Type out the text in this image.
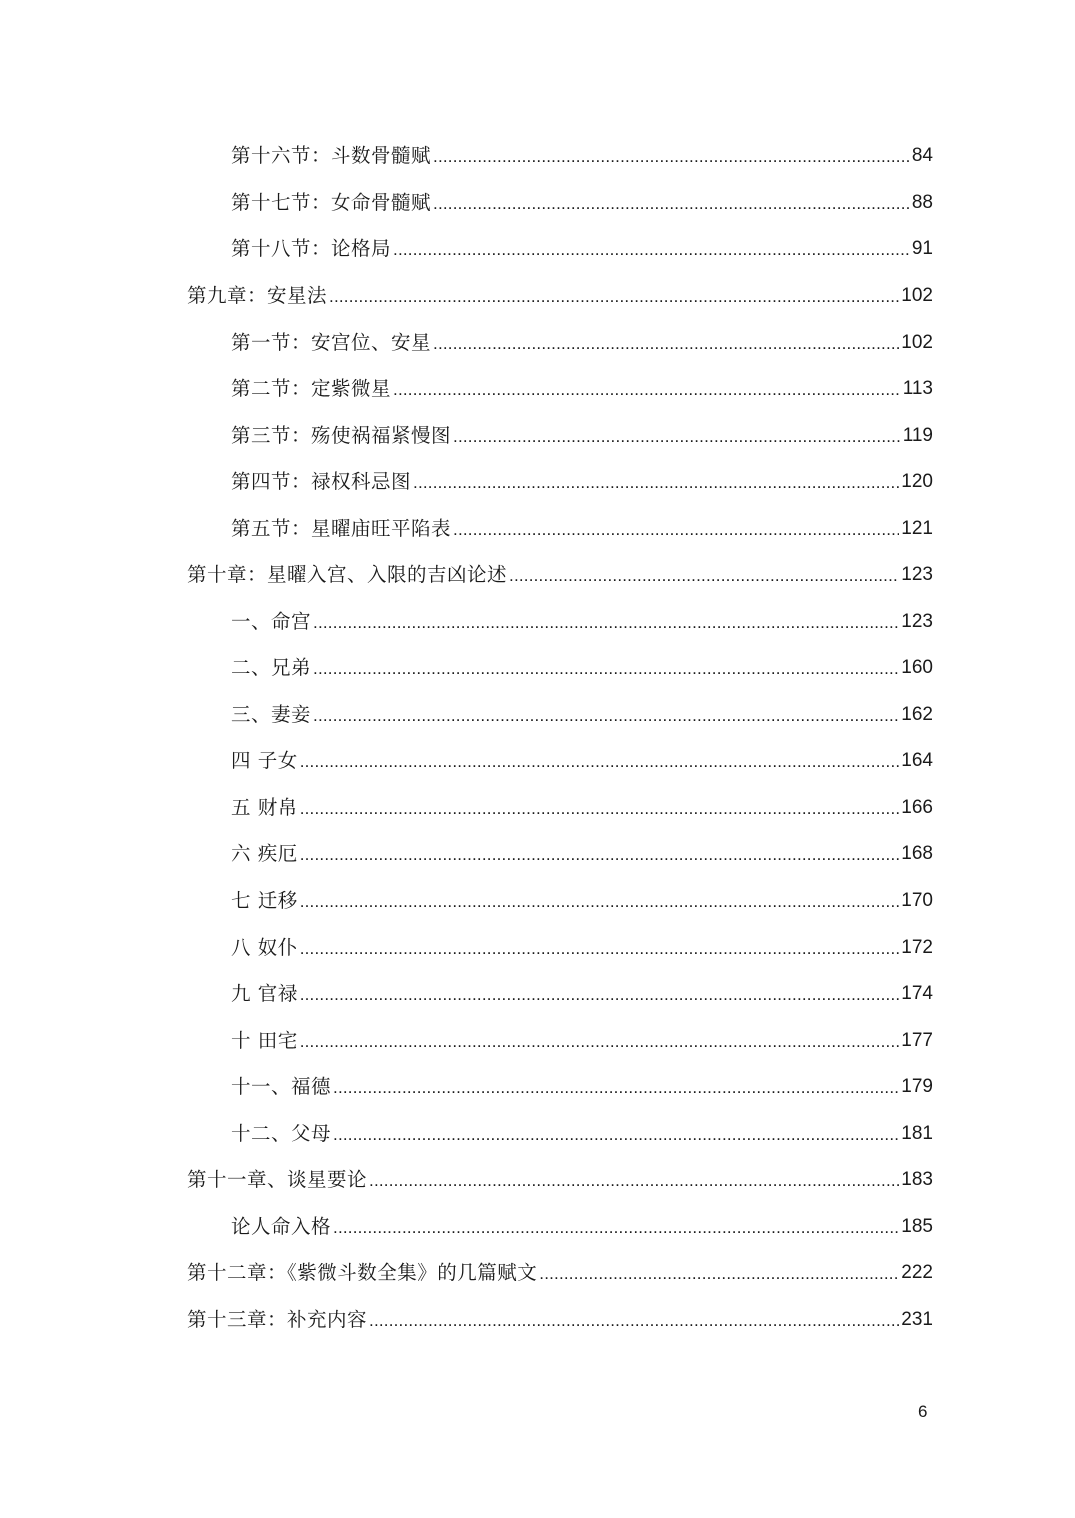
第十六节：斗数骨髓赋 .....	84
第十七节：女命骨髓赋 .....	88
第十八节：论格局 .....	91
第九章：安星法 .....	102
第一节：安宫位、安星 .....	102
第二节：定紫微星 .....	113
第三节：殇使祸福紧慢图 .....	119
第四节：禄权科忌图 .....	120
第五节：星曜庙旺平陷表 .....	121
第十章：星曜入宫、入限的吉凶论述 .....	123
一、命宫 .....	123
二、兄弟 .....	160
三、妻妾 .....	162
四 子女 .....	164
五 财帛 .....	166
六 疾厄 .....	168
七 迁移 .....	170
八 奴仆 .....	172
九 官禄 .....	174
十 田宅 .....	177
十一、福德 .....	179
十二、父母 .....	181
第十一章、谈星要论 .....	183
论人命入格 .....	185
第十二章：《紫微斗数全集》的几篇赋文 .....	222
第十三章：补充内容 .....	231
6
